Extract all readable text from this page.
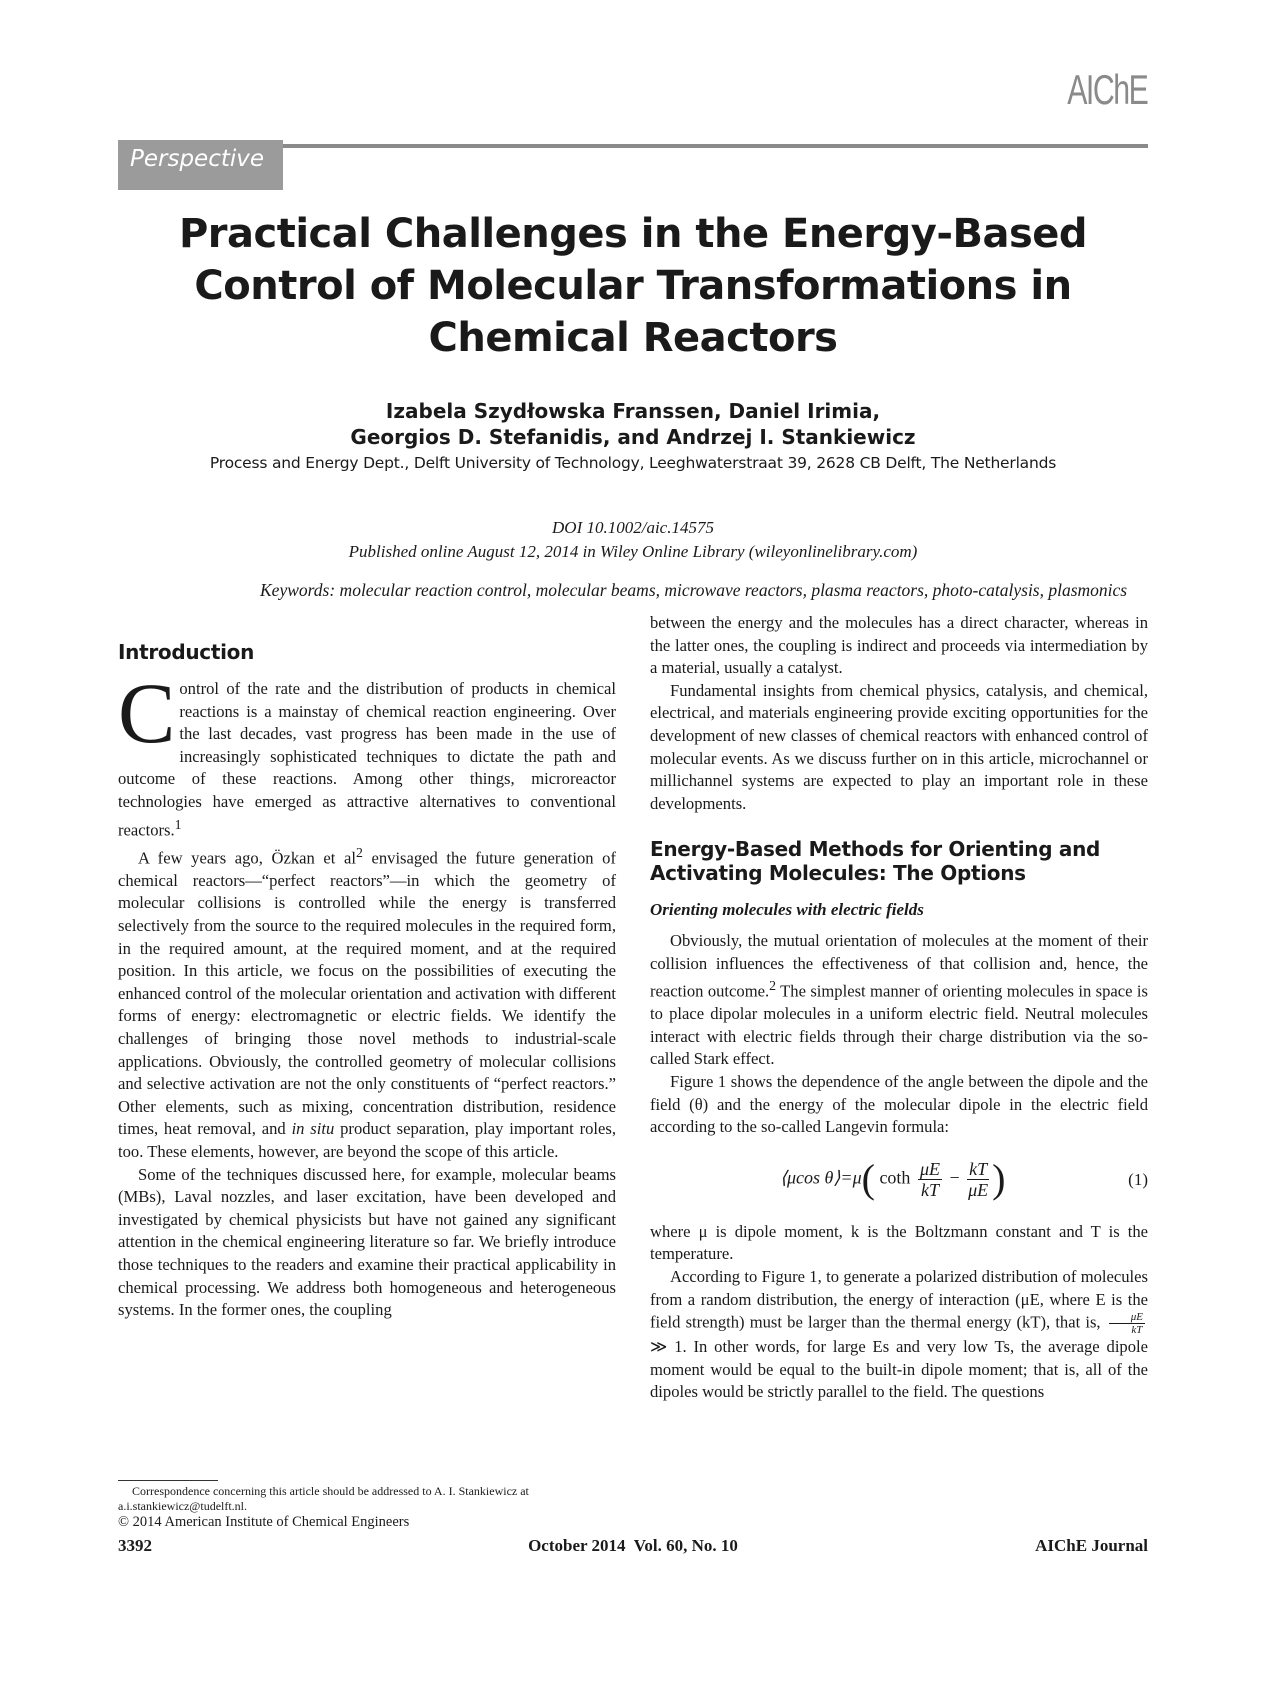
AIChE
Perspective
Practical Challenges in the Energy-Based Control of Molecular Transformations in Chemical Reactors
Izabela Szydłowska Franssen, Daniel Irimia,
Georgios D. Stefanidis, and Andrzej I. Stankiewicz
Process and Energy Dept., Delft University of Technology, Leeghwaterstraat 39, 2628 CB Delft, The Netherlands
DOI 10.1002/aic.14575
Published online August 12, 2014 in Wiley Online Library (wileyonlinelibrary.com)
Keywords: molecular reaction control, molecular beams, microwave reactors, plasma reactors, photo-catalysis, plasmonics
Introduction

Control of the rate and the distribution of products in chemical reactions is a mainstay of chemical reaction engineering. Over the last decades, vast progress has been made in the use of increasingly sophisticated techniques to dictate the path and outcome of these reactions. Among other things, microreactor technologies have emerged as attractive alternatives to conventional reactors.$^1$

A few years ago, Özkan et $al^2$ envisaged the future generation of chemical reactors—“perfect reactors”—in which the geometry of molecular collisions is controlled while the energy is transferred selectively from the source to the required molecules in the required form, in the required amount, at the required moment, and at the required position. In this article, we focus on the possibilities of executing the enhanced control of the molecular orientation and activation with different forms of energy: electromagnetic or electric fields. We identify the challenges of bringing those novel methods to industrial-scale applications. Obviously, the controlled geometry of molecular collisions and selective activation are not the only constituents of “perfect reactors.” Other elements, such as mixing, concentration distribution, residence times, heat removal, and in situ product separation, play important roles, too. These elements, however, are beyond the scope of this article.

Some of the techniques discussed here, for example, molecular beams (MBs), Laval nozzles, and laser excitation, have been developed and investigated by chemical physicists but have not gained any significant attention in the chemical engineering literature so far. We briefly introduce those techniques to the readers and examine their practical applicability in chemical processing. We address both homogeneous and heterogeneous systems. In the former ones, the coupling

between the energy and the molecules has a direct character, whereas in the latter ones, the coupling is indirect and proceeds via intermediation by a material, usually a catalyst.

Fundamental insights from chemical physics, catalysis, and chemical, electrical, and materials engineering provide exciting opportunities for the development of new classes of chemical reactors with enhanced control of molecular events. As we discuss further on in this article, microchannel or millichannel systems are expected to play an important role in these developments.

Energy-Based Methods for Orienting and Activating Molecules: The Options
Orienting molecules with electric fields

Obviously, the mutual orientation of molecules at the moment of their collision influences the effectiveness of that collision and, hence, the reaction outcome.$^2$ The simplest manner of orienting molecules in space is to place dipolar molecules in a uniform electric field. Neutral molecules interact with electric fields through their charge distribution via the so-called Stark effect.

Figure 1 shows the dependence of the angle between the dipole and the field (θ) and the energy of the molecular dipole in the electric field according to the so-called Langevin formula:

⟨μcos θ⟩=μ( coth $\frac{\mu E}{kT} - \frac{kT}{\mu E}$ )	(1)

where μ is dipole moment, k is the Boltzmann constant and T is the temperature.

According to Figure 1, to generate a polarized distribution of molecules from a random distribution, the energy of interaction (μE, where E is the field strength) must be larger than the thermal energy (kT), that is, $\frac{\mu E}{kT}$
≫ 1. In other words, for large Es and very low Ts, the average dipole moment would be equal to the built-in dipole moment; that is, all of the dipoles would be strictly parallel to the field. The questions

Correspondence concerning this article should be addressed to A. I. Stankiewicz at a.i.stankiewicz@tudelft.nl.
© 2014 American Institute of Chemical Engineers
3392	October 2014  Vol. 60, No. 10	AIChE Journal
